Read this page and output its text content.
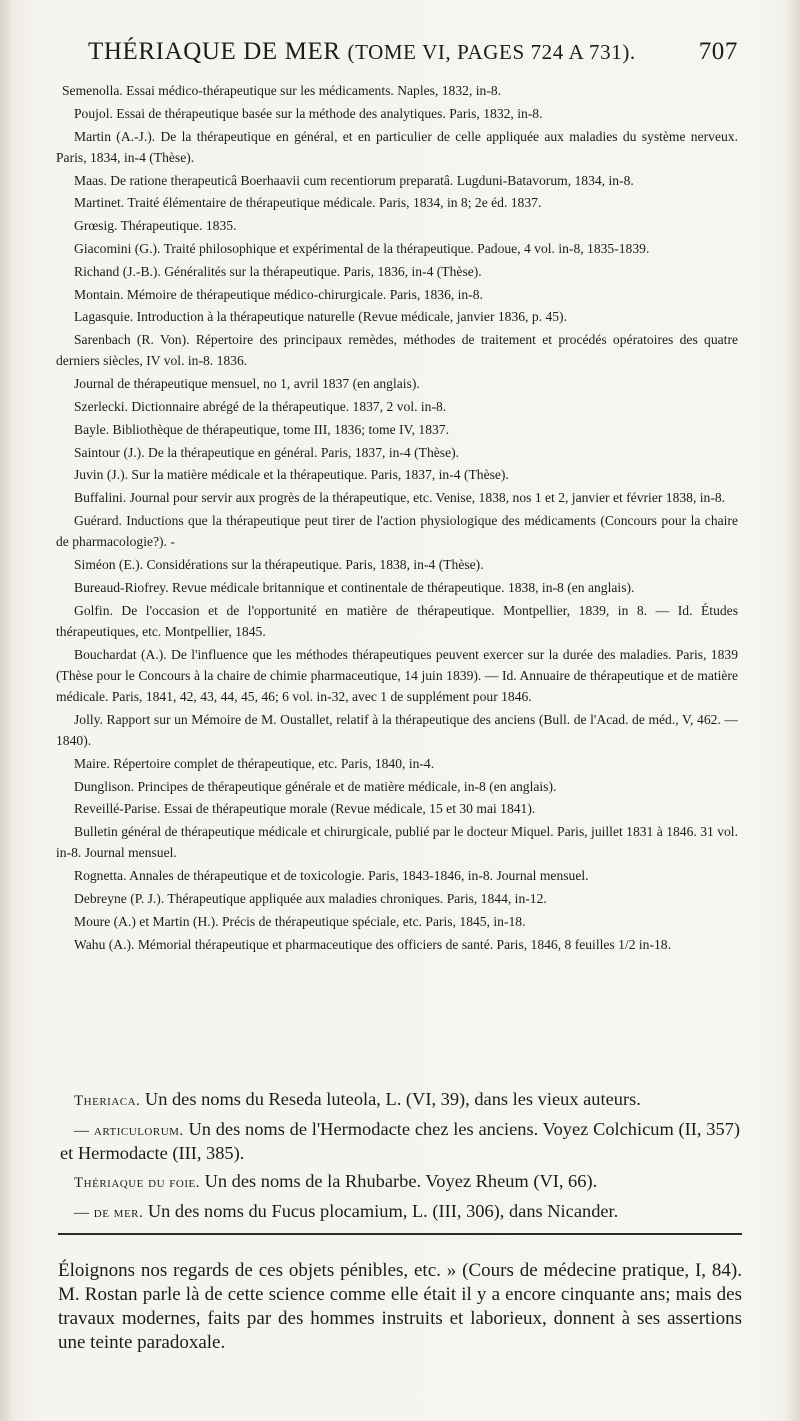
THÉRIAQUE DE MER (TOME VI, PAGES 724 A 731).	707

Semenolla. Essai médico-thérapeutique sur les médicaments. Naples, 1832, in-8.

Poujol. Essai de thérapeutique basée sur la méthode des analytiques. Paris, 1832, in-8.

Martin (A.-J.). De la thérapeutique en général, et en particulier de celle appliquée aux maladies du système nerveux. Paris, 1834, in-4 (Thèse).

Maas. De ratione therapeuticâ Boerhaavii cum recentiorum preparatâ. Lugduni-Batavorum, 1834, in-8.

Martinet. Traité élémentaire de thérapeutique médicale. Paris, 1834, in 8; 2e éd. 1837.

Grœsig. Thérapeutique. 1835.

Giacomini (G.). Traité philosophique et expérimental de la thérapeutique. Padoue, 4 vol. in-8, 1835-1839.

Richand (J.-B.). Généralités sur la thérapeutique. Paris, 1836, in-4 (Thèse).

Montain. Mémoire de thérapeutique médico-chirurgicale. Paris, 1836, in-8.

Lagasquie. Introduction à la thérapeutique naturelle (Revue médicale, janvier 1836, p. 45).

Sarenbach (R. Von). Répertoire des principaux remèdes, méthodes de traitement et procédés opératoires des quatre derniers siècles, IV vol. in-8. 1836.

Journal de thérapeutique mensuel, no 1, avril 1837 (en anglais).

Szerlecki. Dictionnaire abrégé de la thérapeutique. 1837, 2 vol. in-8.

Bayle. Bibliothèque de thérapeutique, tome III, 1836; tome IV, 1837.

Saintour (J.). De la thérapeutique en général. Paris, 1837, in-4 (Thèse).

Juvin (J.). Sur la matière médicale et la thérapeutique. Paris, 1837, in-4 (Thèse).

Buffalini. Journal pour servir aux progrès de la thérapeutique, etc. Venise, 1838, nos 1 et 2, janvier et février 1838, in-8.

Guérard. Inductions que la thérapeutique peut tirer de l'action physiologique des médicaments (Concours pour la chaire de pharmacologie?). -

Siméon (E.). Considérations sur la thérapeutique. Paris, 1838, in-4 (Thèse).

Bureaud-Riofrey. Revue médicale britannique et continentale de thérapeutique. 1838, in-8 (en anglais).

Golfin. De l'occasion et de l'opportunité en matière de thérapeutique. Montpellier, 1839, in 8. — Id. Études thérapeutiques, etc. Montpellier, 1845.

Bouchardat (A.). De l'influence que les méthodes thérapeutiques peuvent exercer sur la durée des maladies. Paris, 1839 (Thèse pour le Concours à la chaire de chimie pharmaceutique, 14 juin 1839). — Id. Annuaire de thérapeutique et de matière médicale. Paris, 1841, 42, 43, 44, 45, 46; 6 vol. in-32, avec 1 de supplément pour 1846.

Jolly. Rapport sur un Mémoire de M. Oustallet, relatif à la thérapeutique des anciens (Bull. de l'Acad. de méd., V, 462. — 1840).

Maire. Répertoire complet de thérapeutique, etc. Paris, 1840, in-4.

Dunglison. Principes de thérapeutique générale et de matière médicale, in-8 (en anglais).

Reveillé-Parise. Essai de thérapeutique morale (Revue médicale, 15 et 30 mai 1841).

Bulletin général de thérapeutique médicale et chirurgicale, publié par le docteur Miquel. Paris, juillet 1831 à 1846. 31 vol. in-8. Journal mensuel.

Rognetta. Annales de thérapeutique et de toxicologie. Paris, 1843-1846, in-8. Journal mensuel.

Debreyne (P. J.). Thérapeutique appliquée aux maladies chroniques. Paris, 1844, in-12.

Moure (A.) et Martin (H.). Précis de thérapeutique spéciale, etc. Paris, 1845, in-18.

Wahu (A.). Mémorial thérapeutique et pharmaceutique des officiers de santé. Paris, 1846, 8 feuilles 1/2 in-18.

Theriaca. Un des noms du Reseda luteola, L. (VI, 39), dans les vieux auteurs.

— articulorum. Un des noms de l'Hermodacte chez les anciens. Voyez Colchicum (II, 357) et Hermodacte (III, 385).

Thériaque du foie. Un des noms de la Rhubarbe. Voyez Rheum (VI, 66).

— de mer. Un des noms du Fucus plocamium, L. (III, 306), dans Nicander.

Éloignons nos regards de ces objets pénibles, etc. » (Cours de médecine pratique, I, 84). M. Rostan parle là de cette science comme elle était il y a encore cinquante ans; mais des travaux modernes, faits par des hommes instruits et laborieux, donnent à ses assertions une teinte paradoxale.
